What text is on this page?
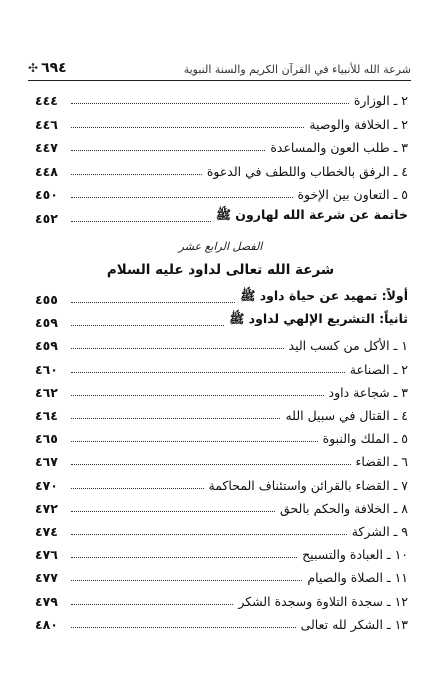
شرعة الله للأنبياء في القرآن الكريم والسنة النبوية
✣ ٦٩٤
٢ ـ الوزارة
٤٤٤
٢ ـ الخلافة والوصية
٤٤٦
٣ ـ طلب العون والمساعدة
٤٤٧
٤ ـ الرفق بالخطاب واللطف في الدعوة
٤٤٨
٥ ـ التعاون بين الإخوة
٤٥٠
خاتمة عن شرعة الله لهارون ﷺ
٤٥٢
الفصل الرابع عشر
شرعة الله تعالى لداود عليه السلام
أولاً: تمهيد عن حياة داود ﷺ
٤٥٥
ثانياً: التشريع الإلهي لداود ﷺ
٤٥٩
١ ـ الأكل من كسب اليد
٤٥٩
٢ ـ الصناعة
٤٦٠
٣ ـ شجاعة داود
٤٦٢
٤ ـ القتال في سبيل الله
٤٦٤
٥ ـ الملك والنبوة
٤٦٥
٦ ـ القضاء
٤٦٧
٧ ـ القضاء بالقرائن واستئناف المحاكمة
٤٧٠
٨ ـ الخلافة والحكم بالحق
٤٧٢
٩ ـ الشركة
٤٧٤
١٠ ـ العبادة والتسبيح
٤٧٦
١١ ـ الصلاة والصيام
٤٧٧
١٢ ـ سجدة التلاوة وسجدة الشكر
٤٧٩
١٣ ـ الشكر لله تعالى
٤٨٠
